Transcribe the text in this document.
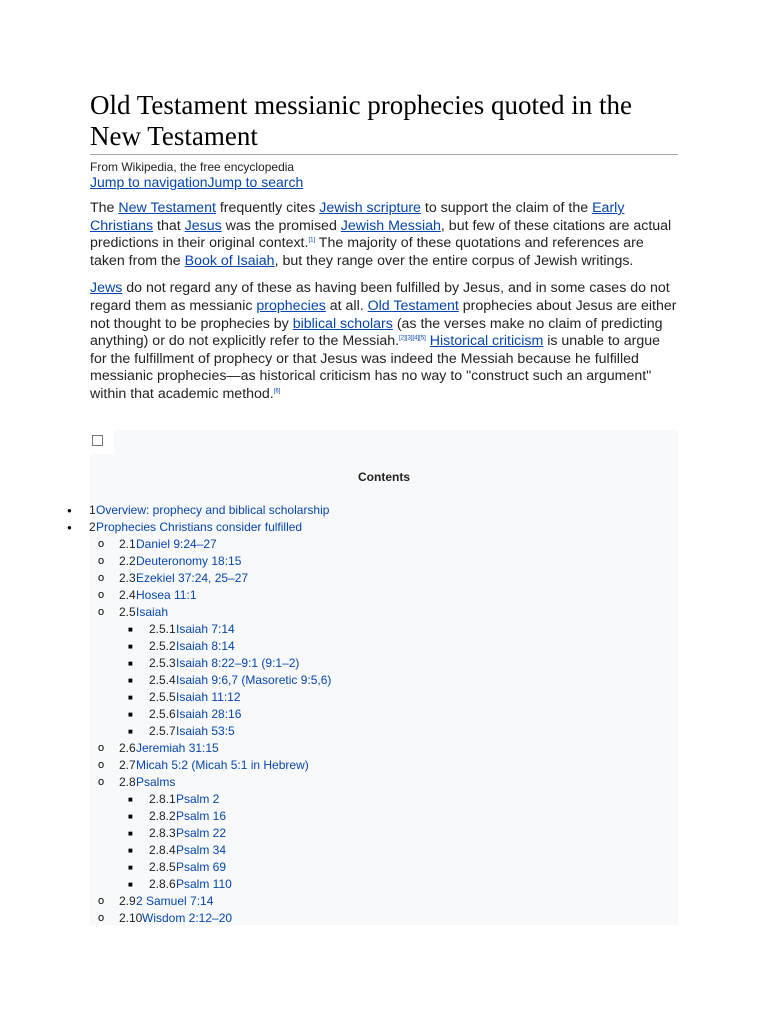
Old Testament messianic prophecies quoted in the New Testament
From Wikipedia, the free encyclopedia
Jump to navigationJump to search

The New Testament frequently cites Jewish scripture to support the claim of the Early Christians that Jesus was the promised Jewish Messiah, but few of these citations are actual predictions in their original context.[1] The majority of these quotations and references are taken from the Book of Isaiah, but they range over the entire corpus of Jewish writings.

Jews do not regard any of these as having been fulfilled by Jesus, and in some cases do not regard them as messianic prophecies at all. Old Testament prophecies about Jesus are either not thought to be prophecies by biblical scholars (as the verses make no claim of predicting anything) or do not explicitly refer to the Messiah.[2][3][4][5] Historical criticism is unable to argue for the fulfillment of prophecy or that Jesus was indeed the Messiah because he fulfilled messianic prophecies—as historical criticism has no way to "construct such an argument" within that academic method.[6]

Contents
● 1 Overview: prophecy and biblical scholarship
● 2 Prophecies Christians consider fulfilled
o 2.1 Daniel 9:24–27
o 2.2 Deuteronomy 18:15
o 2.3 Ezekiel 37:24, 25–27
o 2.4 Hosea 11:1
o 2.5 Isaiah
■ 2.5.1 Isaiah 7:14
■ 2.5.2 Isaiah 8:14
■ 2.5.3 Isaiah 8:22–9:1 (9:1–2)
■ 2.5.4 Isaiah 9:6,7 (Masoretic 9:5,6)
■ 2.5.5 Isaiah 11:12
■ 2.5.6 Isaiah 28:16
■ 2.5.7 Isaiah 53:5
o 2.6 Jeremiah 31:15
o 2.7 Micah 5:2 (Micah 5:1 in Hebrew)
o 2.8 Psalms
■ 2.8.1 Psalm 2
■ 2.8.2 Psalm 16
■ 2.8.3 Psalm 22
■ 2.8.4 Psalm 34
■ 2.8.5 Psalm 69
■ 2.8.6 Psalm 110
o 2.9 2 Samuel 7:14
o 2.10 Wisdom 2:12–20
